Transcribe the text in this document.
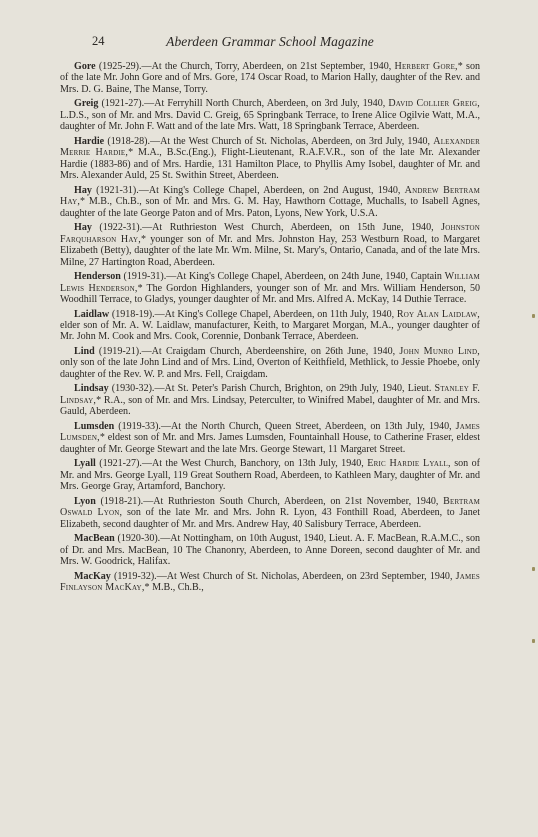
24	Aberdeen Grammar School Magazine

Gore (1925-29).—At the Church, Torry, Aberdeen, on 21st September, 1940, Herbert Gore,* son of the late Mr. John Gore and of Mrs. Gore, 174 Oscar Road, to Marion Hally, daughter of the Rev. and Mrs. D. G. Baine, The Manse, Torry.

Greig (1921-27).—At Ferryhill North Church, Aberdeen, on 3rd July, 1940, David Collier Greig, L.D.S., son of Mr. and Mrs. David C. Greig, 65 Springbank Terrace, to Irene Alice Ogilvie Watt, M.A., daughter of Mr. John F. Watt and of the late Mrs. Watt, 18 Springbank Terrace, Aberdeen.

Hardie (1918-28).—At the West Church of St. Nicholas, Aberdeen, on 3rd July, 1940, Alexander Merrie Hardie,* M.A., B.Sc.(Eng.), Flight-Lieutenant, R.A.F.V.R., son of the late Mr. Alexander Hardie (1883-86) and of Mrs. Hardie, 131 Hamilton Place, to Phyllis Amy Isobel, daughter of Mr. and Mrs. Alexander Auld, 25 St. Swithin Street, Aberdeen.

Hay (1921-31).—At King's College Chapel, Aberdeen, on 2nd August, 1940, Andrew Bertram Hay,* M.B., Ch.B., son of Mr. and Mrs. G. M. Hay, Hawthorn Cottage, Muchalls, to Isabell Agnes, daughter of the late George Paton and of Mrs. Paton, Lyons, New York, U.S.A.

Hay (1922-31).—At Ruthrieston West Church, Aberdeen, on 15th June, 1940, Johnston Farquharson Hay,* younger son of Mr. and Mrs. Johnston Hay, 253 Westburn Road, to Margaret Elizabeth (Betty), daughter of the late Mr. Wm. Milne, St. Mary's, Ontario, Canada, and of the late Mrs. Milne, 27 Hartington Road, Aberdeen.

Henderson (1919-31).—At King's College Chapel, Aberdeen, on 24th June, 1940, Captain William Lewis Henderson,* The Gordon Highlanders, younger son of Mr. and Mrs. William Henderson, 50 Woodhill Terrace, to Gladys, younger daughter of Mr. and Mrs. Alfred A. McKay, 14 Duthie Terrace.

Laidlaw (1918-19).—At King's College Chapel, Aberdeen, on 11th July, 1940, Roy Alan Laidlaw, elder son of Mr. A. W. Laidlaw, manufacturer, Keith, to Margaret Morgan, M.A., younger daughter of Mr. John M. Cook and Mrs. Cook, Corennie, Donbank Terrace, Aberdeen.

Lind (1919-21).—At Craigdam Church, Aberdeenshire, on 26th June, 1940, John Munro Lind, only son of the late John Lind and of Mrs. Lind, Overton of Keithfield, Methlick, to Jessie Phoebe, only daughter of the Rev. W. P. and Mrs. Fell, Craigdam.

Lindsay (1930-32).—At St. Peter's Parish Church, Brighton, on 29th July, 1940, Lieut. Stanley F. Lindsay,* R.A., son of Mr. and Mrs. Lindsay, Peterculter, to Winifred Mabel, daughter of Mr. and Mrs. Gauld, Aberdeen.

Lumsden (1919-33).—At the North Church, Queen Street, Aberdeen, on 13th July, 1940, James Lumsden,* eldest son of Mr. and Mrs. James Lumsden, Fountainhall House, to Catherine Fraser, eldest daughter of Mr. George Stewart and the late Mrs. George Stewart, 11 Margaret Street.

Lyall (1921-27).—At the West Church, Banchory, on 13th July, 1940, Eric Hardie Lyall, son of Mr. and Mrs. George Lyall, 119 Great Southern Road, Aberdeen, to Kathleen Mary, daughter of Mr. and Mrs. George Gray, Artamford, Banchory.

Lyon (1918-21).—At Ruthrieston South Church, Aberdeen, on 21st November, 1940, Bertram Oswald Lyon, son of the late Mr. and Mrs. John R. Lyon, 43 Fonthill Road, Aberdeen, to Janet Elizabeth, second daughter of Mr. and Mrs. Andrew Hay, 40 Salisbury Terrace, Aberdeen.

MacBean (1920-30).—At Nottingham, on 10th August, 1940, Lieut. A. F. MacBean, R.A.M.C., son of Dr. and Mrs. MacBean, 10 The Chanonry, Aberdeen, to Anne Doreen, second daughter of Mr. and Mrs. W. Goodrick, Halifax.

MacKay (1919-32).—At West Church of St. Nicholas, Aberdeen, on 23rd September, 1940, James Finlayson MacKay,* M.B., Ch.B.,
